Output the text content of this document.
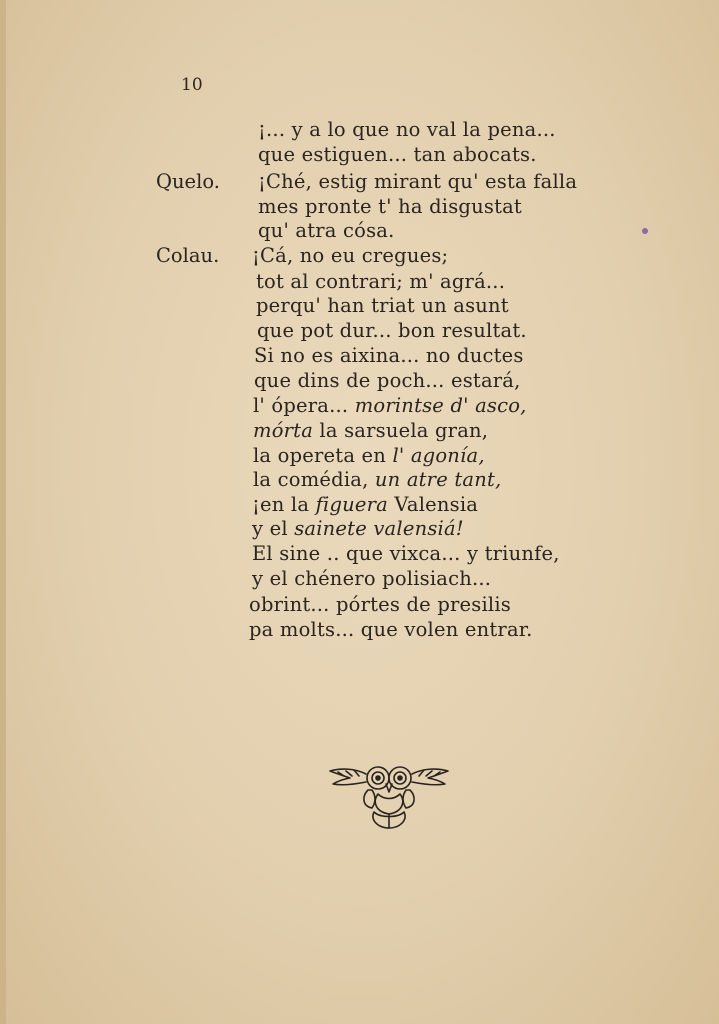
10
Quelo.
Colau.
¡... y a lo que no val la pena...
que estiguen... tan abocats.
¡Ché, estig mirant qu' esta falla
mes pronte t' ha disgustat
qu' atra cósa.
¡Cá, no eu cregues;
tot al contrari; m' agrá...
perqu' han triat un asunt
que pot dur... bon resultat.
Si no es aixina... no ductes
que dins de poch... estará,
l' ópera... morintse d' asco,
mórta la sarsuela gran,
la opereta en l' agonía,
la comédia, un atre tant,
¡en la figuera Valensia
y el sainete valensiá!
El sine .. que vixca... y triunfe,
y el chénero polisiach...
obrint... pórtes de presilis
pa molts... que volen entrar.
